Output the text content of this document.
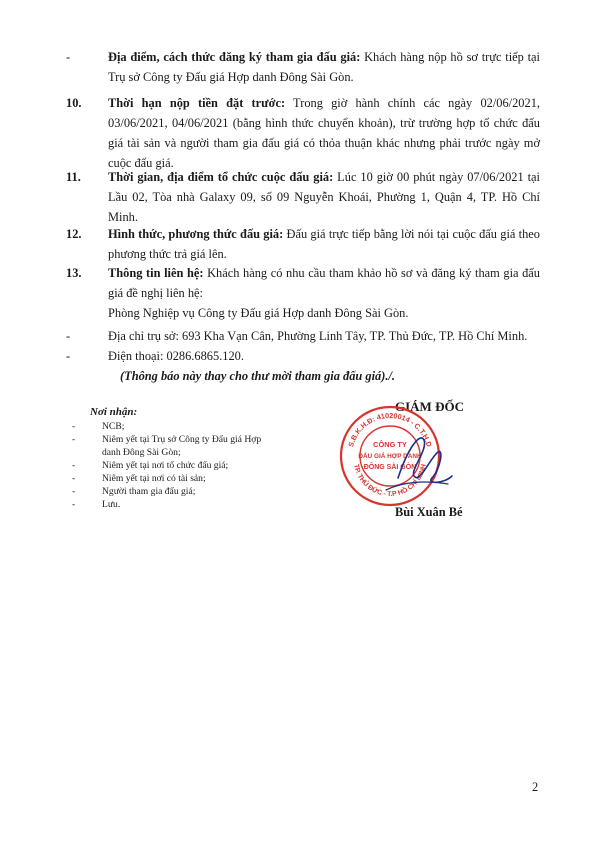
-	Địa điểm, cách thức đăng ký tham gia đấu giá: Khách hàng nộp hồ sơ trực tiếp tại Trụ sở Công ty Đấu giá Hợp danh Đông Sài Gòn.
10.	Thời hạn nộp tiền đặt trước: Trong giờ hành chính các ngày 02/06/2021, 03/06/2021, 04/06/2021 (bằng hình thức chuyển khoản), trừ trường hợp tổ chức đấu giá tài sản và người tham gia đấu giá có thỏa thuận khác nhưng phải trước ngày mở cuộc đấu giá.
11.	Thời gian, địa điểm tổ chức cuộc đấu giá: Lúc 10 giờ 00 phút ngày 07/06/2021 tại Lầu 02, Tòa nhà Galaxy 09, số 09 Nguyễn Khoái, Phường 1, Quận 4, TP. Hồ Chí Minh.
12.	Hình thức, phương thức đấu giá: Đấu giá trực tiếp bằng lời nói tại cuộc đấu giá theo phương thức trả giá lên.
13.	Thông tin liên hệ: Khách hàng có nhu cầu tham khảo hồ sơ và đăng ký tham gia đấu giá đề nghị liên hệ:
Phòng Nghiệp vụ Công ty Đấu giá Hợp danh Đông Sài Gòn.
-	Địa chỉ trụ sở: 693 Kha Vạn Cân, Phường Linh Tây, TP. Thủ Đức, TP. Hồ Chí Minh.
-	Điện thoại: 0286.6865.120.
(Thông báo này thay cho thư mời tham gia đấu giá)./.
Nơi nhận:
-	NCB;
-	Niêm yết tại Trụ sở Công ty Đấu giá Hợp
danh Đông Sài Gòn;
-	Niêm yết tại nơi tổ chức đấu giá;
-	Niêm yết tại nơi có tài sản;
-	Người tham gia đấu giá;
-	Lưu.
GIÁM ĐỐC
S.B.K.H.Đ: 41020014 - C.T.H.D
TP. THỦ ĐỨC - T.P HỒ CHÍ MINH
CÔNG TY
ĐẤU GIÁ HỢP DANH
ĐÔNG SÀI GÒN
Bùi Xuân Bé
2
